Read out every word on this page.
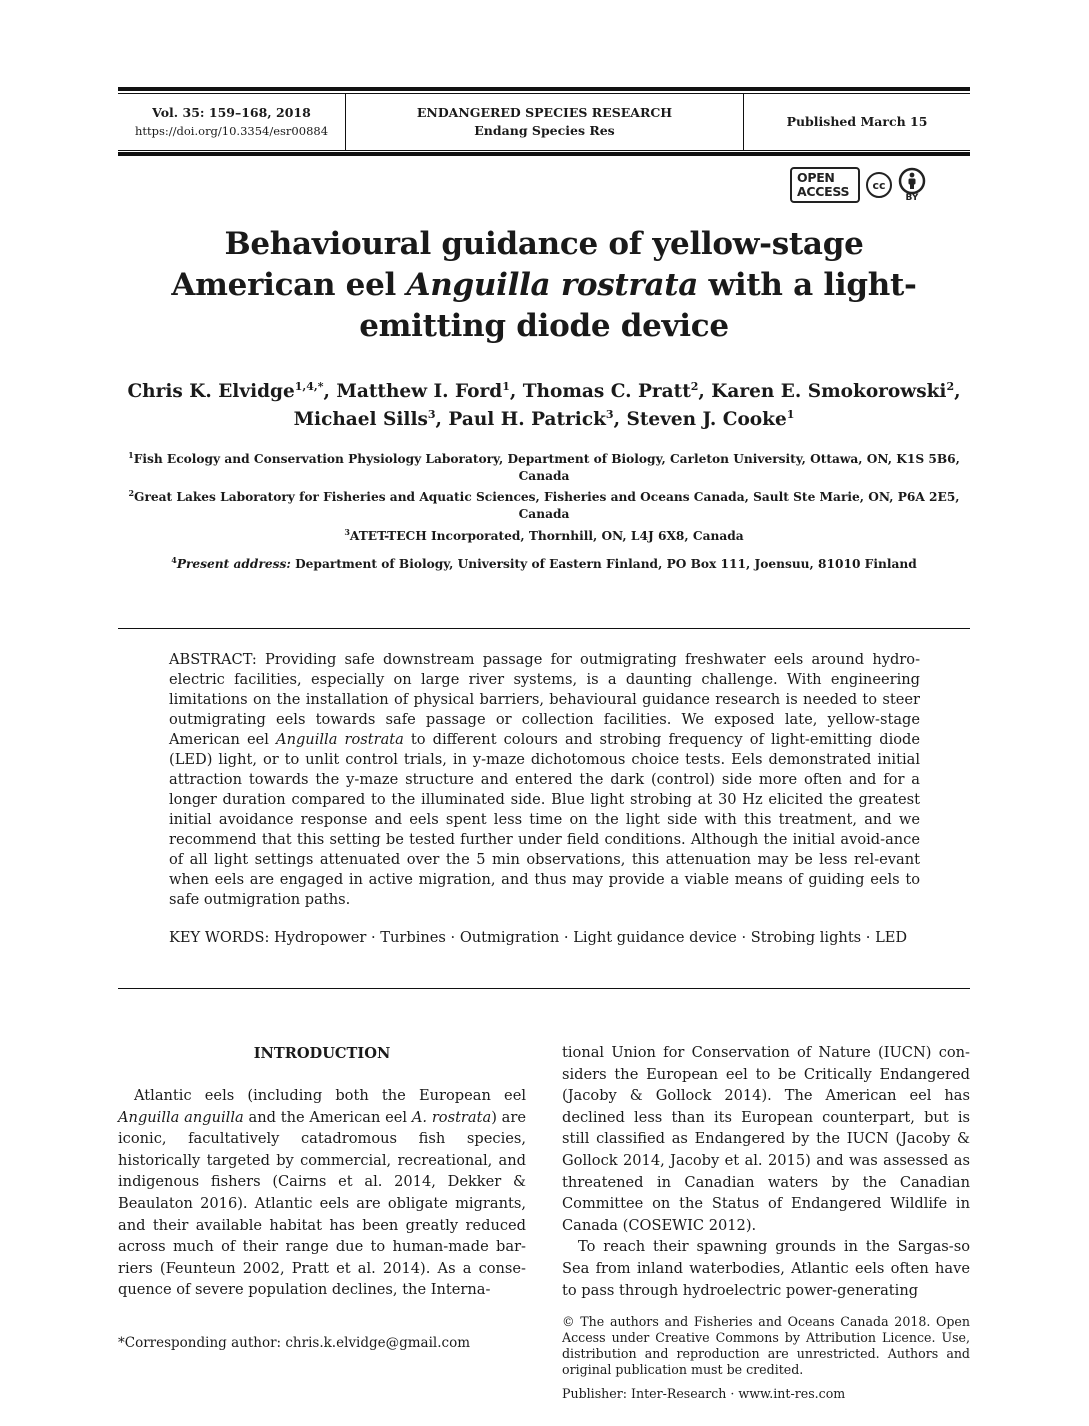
Vol. 35: 159–168, 2018
https://doi.org/10.3354/esr00884
ENDANGERED SPECIES RESEARCH
Endang Species Res
Published March 15
OPEN
ACCESS	cc
BY
Behavioural guidance of yellow-stage
American eel Anguilla rostrata with a light-
emitting diode device
Chris K. Elvidge$^{1,4,*}$, Matthew I. Ford$^1$, Thomas C. Pratt$^2$, Karen E. Smokorowski$^2$,
Michael Sills$^3$, Paul H. Patrick$^3$, Steven J. Cooke$^1$
$^1$Fish Ecology and Conservation Physiology Laboratory, Department of Biology, Carleton University, Ottawa, ON, K1S 5B6,
Canada
$^2$Great Lakes Laboratory for Fisheries and Aquatic Sciences, Fisheries and Oceans Canada, Sault Ste Marie, ON, P6A 2E5,
Canada
$^3$ATET-TECH Incorporated, Thornhill, ON, L4J 6X8, Canada
$^4$Present address: Department of Biology, University of Eastern Finland, PO Box 111, Joensuu, 81010 Finland
ABSTRACT: Providing safe downstream passage for outmigrating freshwater eels around hydro-electric facilities, especially on large river systems, is a daunting challenge. With engineering limitations on the installation of physical barriers, behavioural guidance research is needed to steer outmigrating eels towards safe passage or collection facilities. We exposed late, yellow-stage American eel Anguilla rostrata to different colours and strobing frequency of light-emitting diode (LED) light, or to unlit control trials, in y-maze dichotomous choice tests. Eels demonstrated initial attraction towards the y-maze structure and entered the dark (control) side more often and for a longer duration compared to the illuminated side. Blue light strobing at 30 Hz elicited the greatest initial avoidance response and eels spent less time on the light side with this treatment, and we recommend that this setting be tested further under field conditions. Although the initial avoid-ance of all light settings attenuated over the 5 min observations, this attenuation may be less rel-evant when eels are engaged in active migration, and thus may provide a viable means of guiding eels to safe outmigration paths.
KEY WORDS: Hydropower · Turbines · Outmigration · Light guidance device · Strobing lights · LED
INTRODUCTION

Atlantic eels (including both the European eel Anguilla anguilla and the American eel A. rostrata) are iconic, facultatively catadromous fish species, historically targeted by commercial, recreational, and indigenous fishers (Cairns et al. 2014, Dekker & Beaulaton 2016). Atlantic eels are obligate migrants, and their available habitat has been greatly reduced across much of their range due to human-made bar-riers (Feunteun 2002, Pratt et al. 2014). As a conse-quence of severe population declines, the Interna-

tional Union for Conservation of Nature (IUCN) con-siders the European eel to be Critically Endangered (Jacoby & Gollock 2014). The American eel has declined less than its European counterpart, but is still classified as Endangered by the IUCN (Jacoby & Gollock 2014, Jacoby et al. 2015) and was assessed as threatened in Canadian waters by the Canadian Committee on the Status of Endangered Wildlife in Canada (COSEWIC 2012).

To reach their spawning grounds in the Sargas-so Sea from inland waterbodies, Atlantic eels often have to pass through hydroelectric power-generating

*Corresponding author: chris.k.elvidge@gmail.com
© The authors and Fisheries and Oceans Canada 2018. Open Access under Creative Commons by Attribution Licence. Use, distribution and reproduction are unrestricted. Authors and original publication must be credited.
Publisher: Inter-Research · www.int-res.com
